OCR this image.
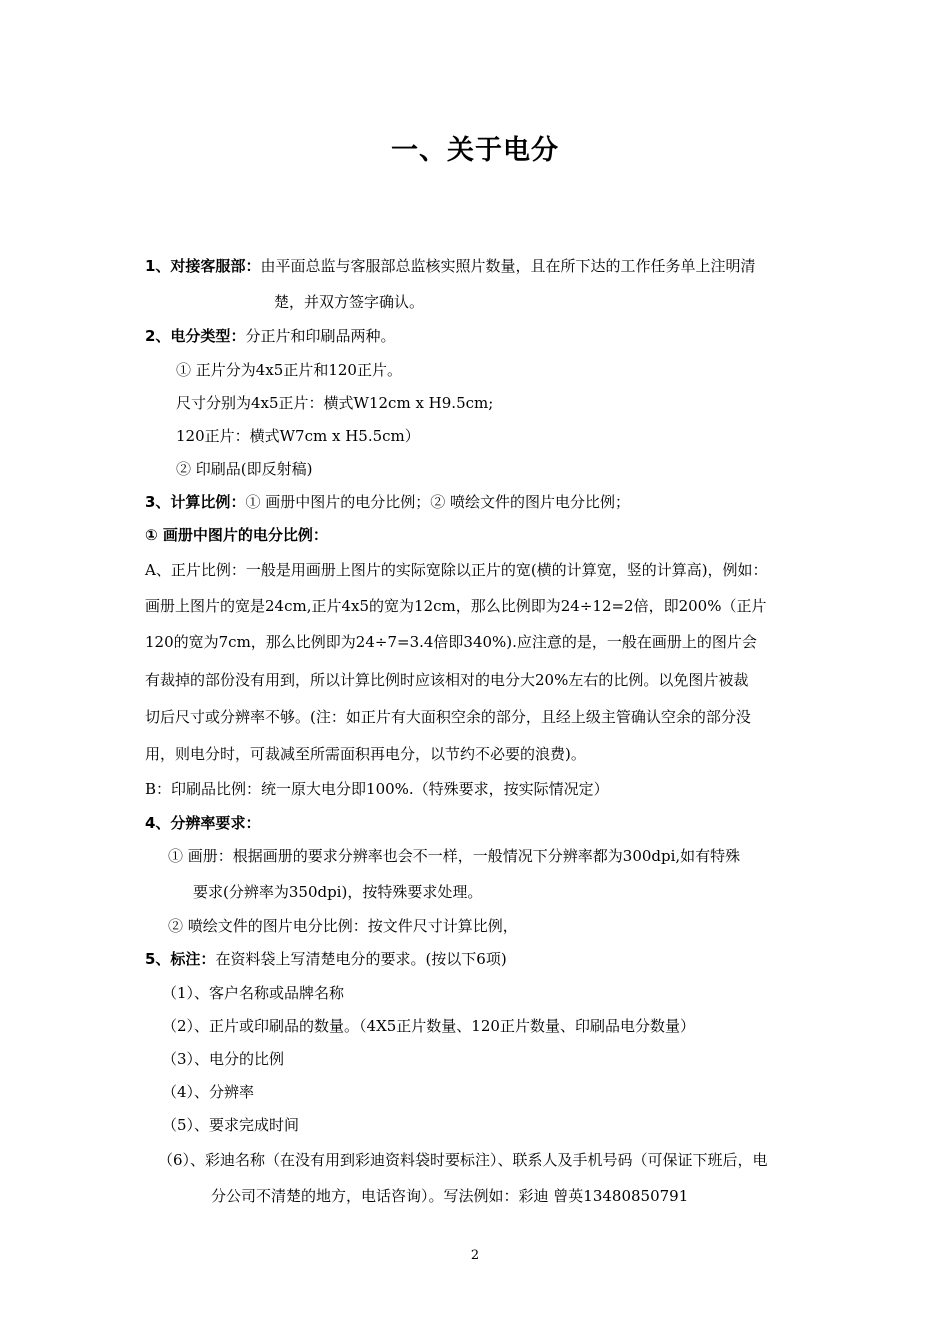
一、关于电分
1、对接客服部：由平面总监与客服部总监核实照片数量，且在所下达的工作任务单上注明清
楚，并双方签字确认。
2、电分类型：分正片和印刷品两种。
① 正片分为4x5正片和120正片。
尺寸分别为4x5正片：横式W12cm x H9.5cm;
120正片：横式W7cm x H5.5cm）
② 印刷品(即反射稿)
3、计算比例：① 画册中图片的电分比例；② 喷绘文件的图片电分比例；
① 画册中图片的电分比例：
A、正片比例：一般是用画册上图片的实际宽除以正片的宽(横的计算宽，竖的计算高)，例如：
画册上图片的宽是24cm,正片4x5的宽为12cm，那么比例即为24÷12=2倍，即200%（正片
120的宽为7cm，那么比例即为24÷7=3.4倍即340%).应注意的是，一般在画册上的图片会
有裁掉的部份没有用到，所以计算比例时应该相对的电分大20%左右的比例。以免图片被裁
切后尺寸或分辨率不够。(注：如正片有大面积空余的部分，且经上级主管确认空余的部分没
用，则电分时，可裁减至所需面积再电分，以节约不必要的浪费)。
B：印刷品比例：统一原大电分即100%.（特殊要求，按实际情况定）
4、分辨率要求：
① 画册：根据画册的要求分辨率也会不一样，一般情况下分辨率都为300dpi,如有特殊
要求(分辨率为350dpi)，按特殊要求处理。
② 喷绘文件的图片电分比例：按文件尺寸计算比例，
5、标注：在资料袋上写清楚电分的要求。(按以下6项)
（1）、客户名称或品牌名称
（2）、正片或印刷品的数量。（4X5正片数量、120正片数量、印刷品电分数量）
（3）、电分的比例
（4）、分辨率
（5）、要求完成时间
（6）、彩迪名称（在没有用到彩迪资料袋时要标注）、联系人及手机号码（可保证下班后，电
分公司不清楚的地方，电话咨询）。写法例如：彩迪 曾英13480850791
2
